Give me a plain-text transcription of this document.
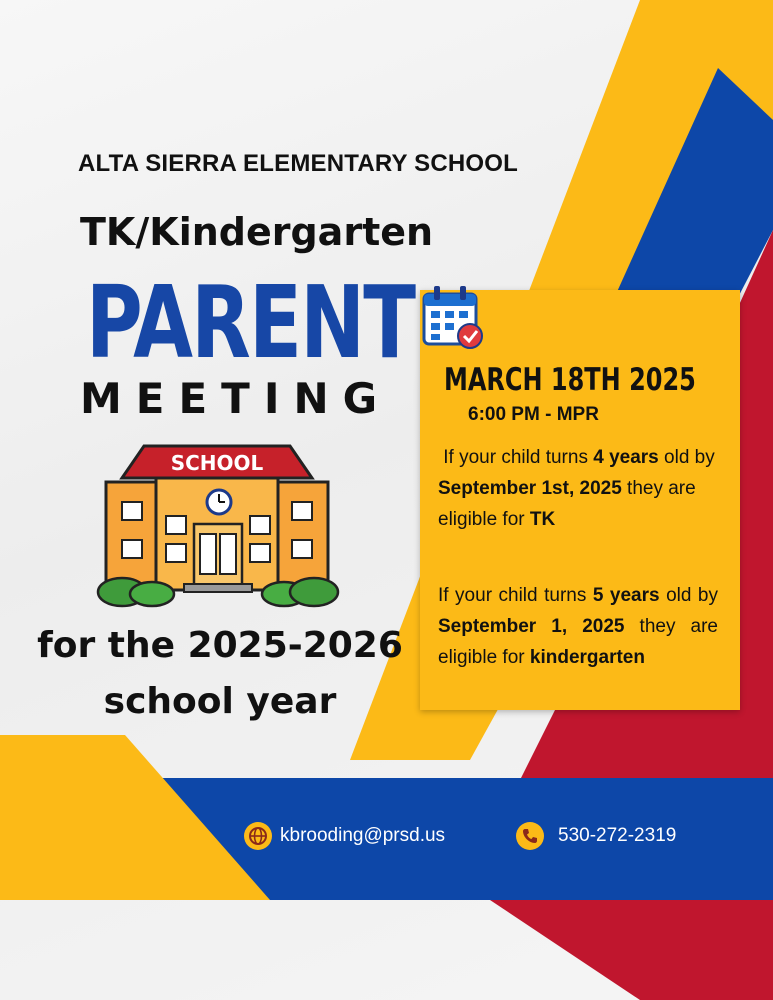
ALTA SIERRA ELEMENTARY SCHOOL
TK/Kindergarten
PARENT
MEETING
SCHOOL
for the 2025-2026
school year
MARCH 18TH 2025
6:00 PM - MPR

If your child turns 4 years old by September 1st, 2025 they are eligible for TK

If your child turns 5 years old by September 1, 2025 they are eligible for kindergarten

kbrooding@prsd.us	530-272-2319
